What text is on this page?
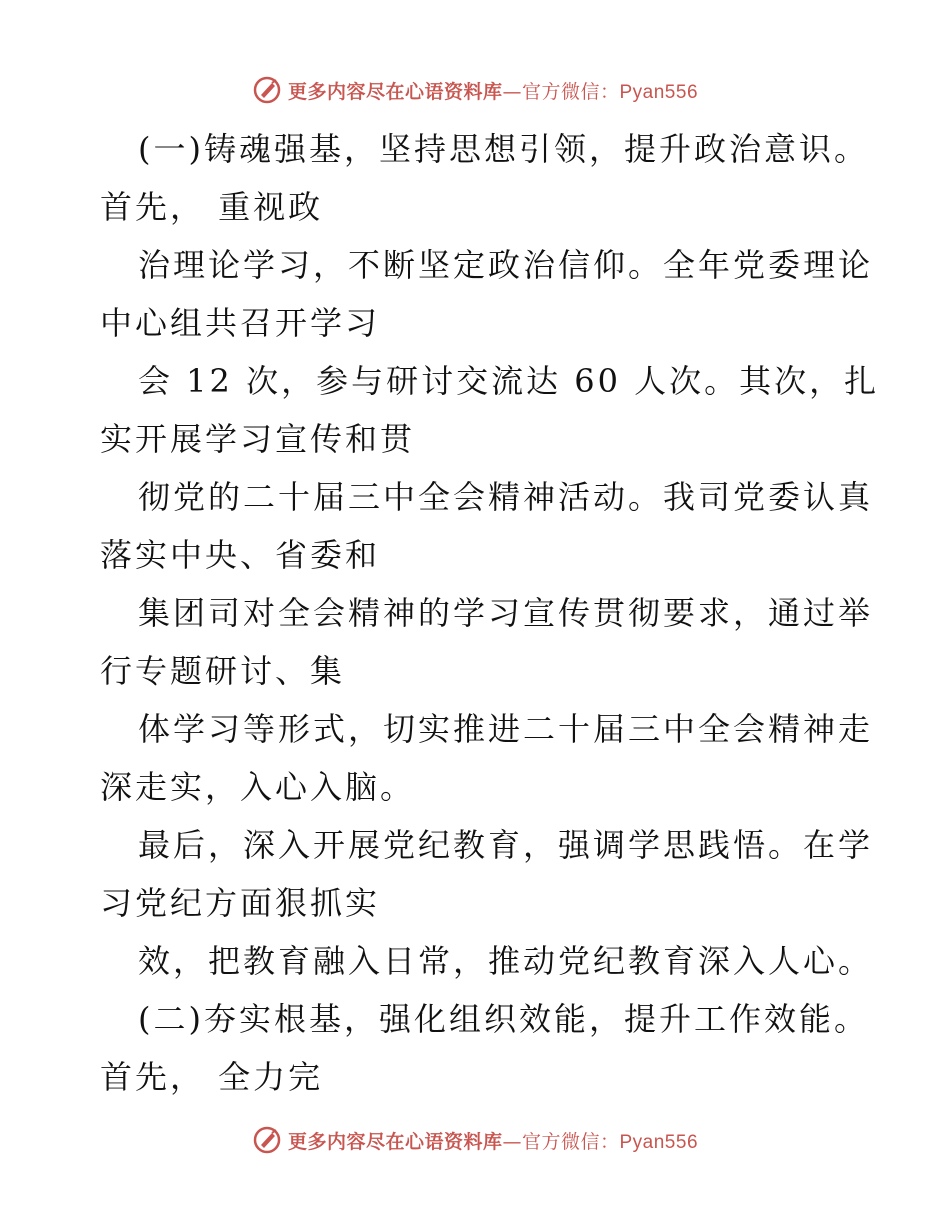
更多内容尽在心语资料库—官方微信：Pyan556
(一)铸魂强基，坚持思想引领，提升政治意识。
首先， 重视政
治理论学习，不断坚定政治信仰。全年党委理论
中心组共召开学习
会 12 次，参与研讨交流达 60 人次。其次，扎
实开展学习宣传和贯
彻党的二十届三中全会精神活动。我司党委认真
落实中央、省委和
集团司对全会精神的学习宣传贯彻要求，通过举
行专题研讨、集
体学习等形式，切实推进二十届三中全会精神走
深走实，入心入脑。
最后，深入开展党纪教育，强调学思践悟。在学
习党纪方面狠抓实
效，把教育融入日常，推动党纪教育深入人心。
(二)夯实根基，强化组织效能，提升工作效能。
首先， 全力完
更多内容尽在心语资料库—官方微信：Pyan556
